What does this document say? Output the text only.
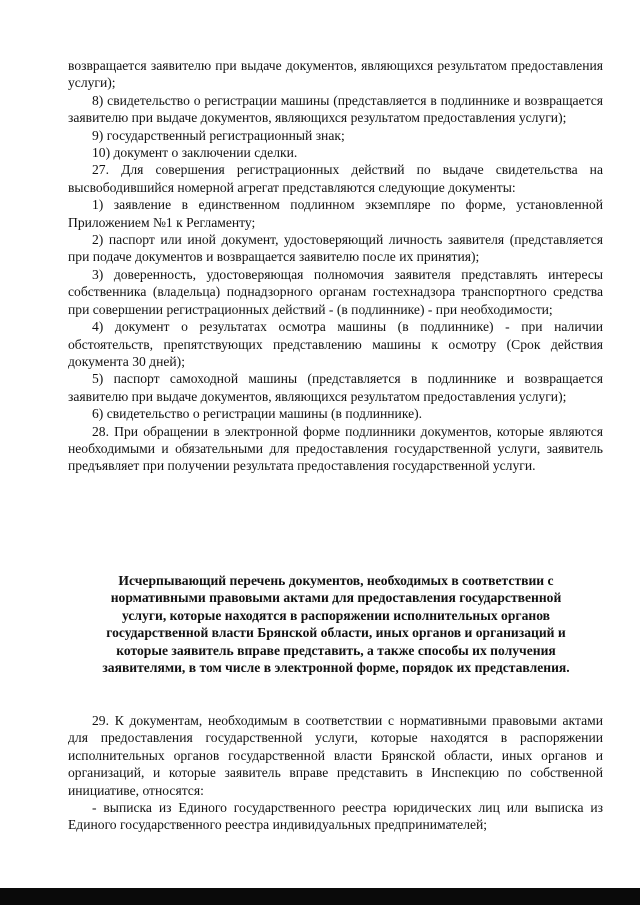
возвращается заявителю при выдаче документов, являющихся результатом предоставления услуги);

8) свидетельство о регистрации машины (представляется в подлиннике и возвращается заявителю при выдаче документов, являющихся результатом предоставления услуги);

9) государственный регистрационный знак;

10) документ о заключении сделки.

27. Для совершения регистрационных действий по выдаче свидетельства на высвободившийся номерной агрегат представляются следующие документы:

1) заявление в единственном подлинном экземпляре по форме, установленной Приложением №1 к Регламенту;

2) паспорт или иной документ, удостоверяющий личность заявителя (представляется при подаче документов и возвращается заявителю после их принятия);

3) доверенность, удостоверяющая полномочия заявителя представлять интересы собственника (владельца) поднадзорного органам гостехнадзора транспортного средства при совершении регистрационных действий - (в подлиннике) - при необходимости;

4) документ о результатах осмотра машины (в подлиннике) - при наличии обстоятельств, препятствующих представлению машины к осмотру (Срок действия документа 30 дней);

5) паспорт самоходной машины (представляется в подлиннике и возвращается заявителю при выдаче документов, являющихся результатом предоставления услуги);

6) свидетельство о регистрации машины (в подлиннике).

28. При обращении в электронной форме подлинники документов, которые являются необходимыми и обязательными для предоставления государственной услуги, заявитель предъявляет при получении результата предоставления государственной услуги.

Исчерпывающий перечень документов, необходимых в соответствии с нормативными правовыми актами для предоставления государственной услуги, которые находятся в распоряжении исполнительных органов государственной власти Брянской области, иных органов и организаций и которые заявитель вправе представить, а также способы их получения заявителями, в том числе в электронной форме, порядок их представления.

29. К документам, необходимым в соответствии с нормативными правовыми актами для предоставления государственной услуги, которые находятся в распоряжении исполнительных органов государственной власти Брянской области, иных органов и организаций, и которые заявитель вправе представить в Инспекцию по собственной инициативе, относятся:

- выписка из Единого государственного реестра юридических лиц или выписка из Единого государственного реестра индивидуальных предпринимателей;
